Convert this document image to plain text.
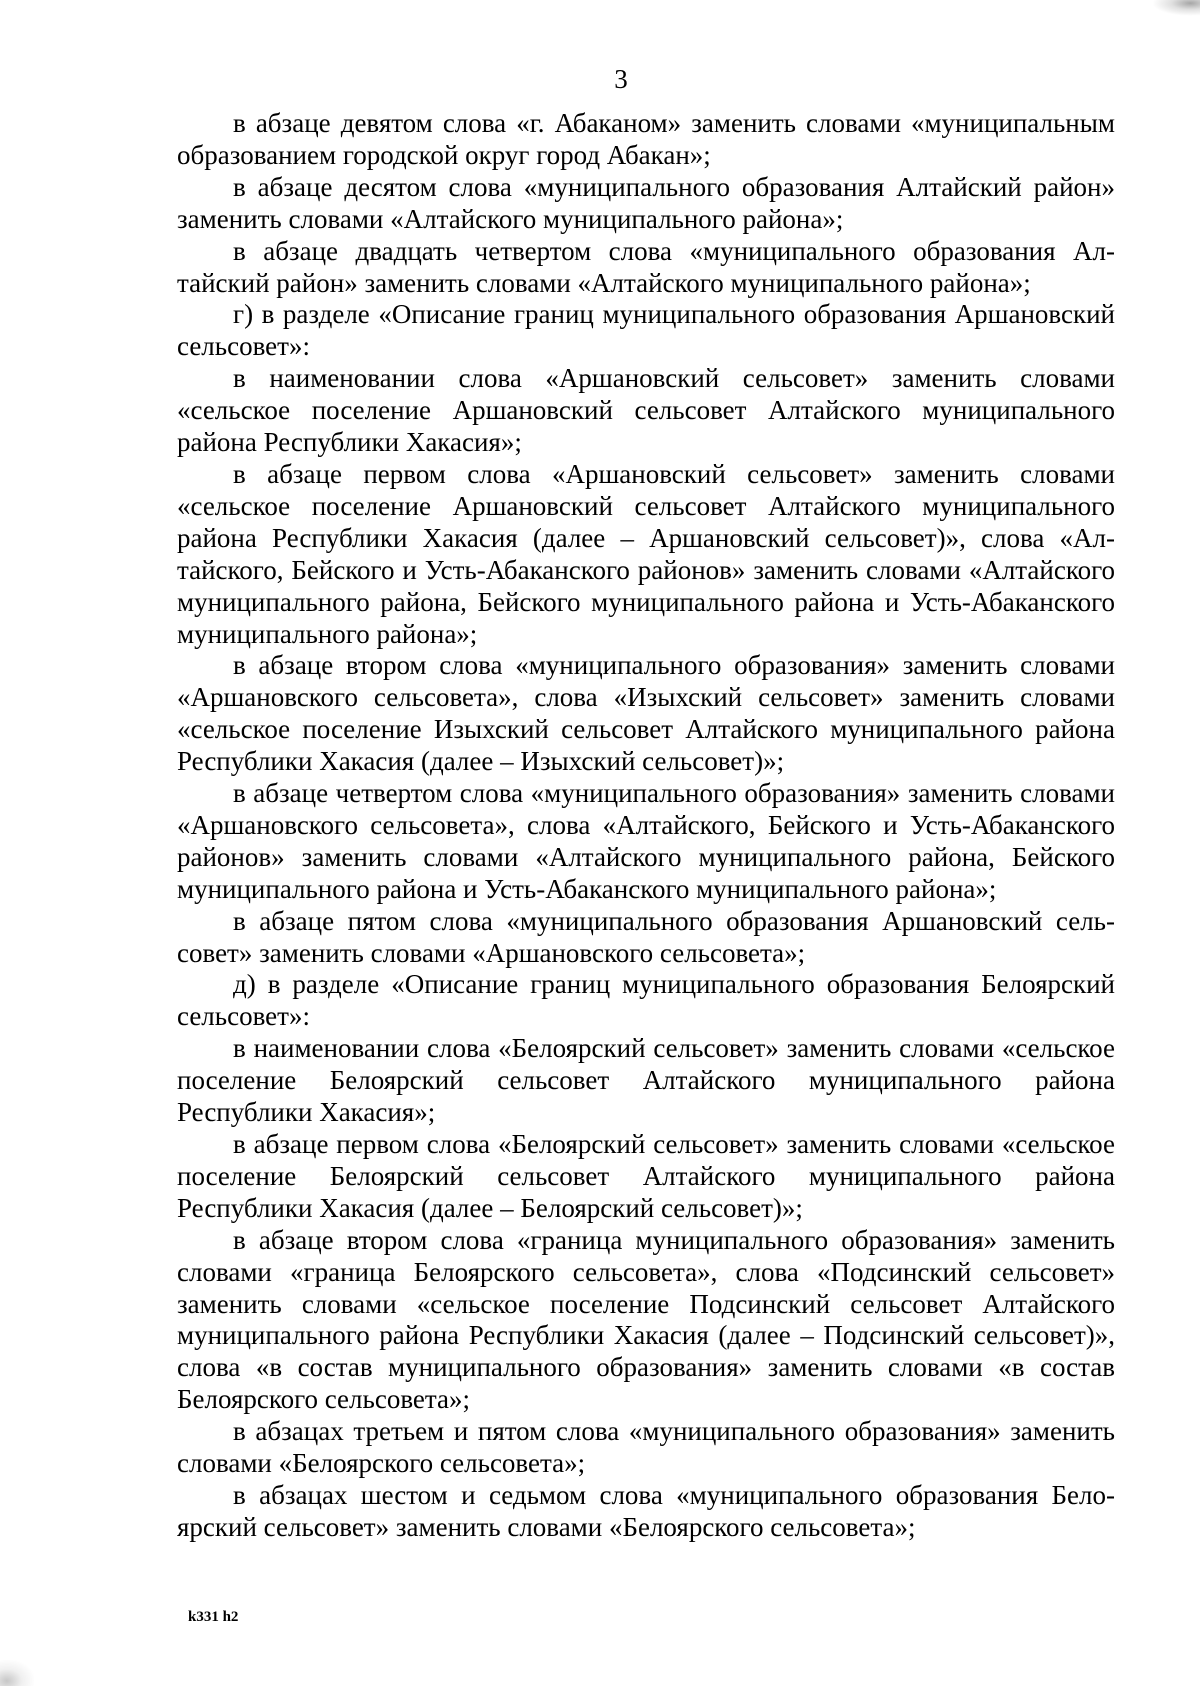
3

в абзаце девятом слова «г. Абаканом» заменить словами «муниципальным образованием городской округ город Абакан»;

в абзаце десятом слова «муниципального образования Алтайский район» заменить словами «Алтайского муниципального района»;

в абзаце двадцать четвертом слова «муниципального образования Алтайский район» заменить словами «Алтайского муниципального района»;

г) в разделе «Описание границ муниципального образования Аршановский сельсовет»:

в наименовании слова «Аршановский сельсовет» заменить словами «сельское поселение Аршановский сельсовет Алтайского муниципального района Республики Хакасия»;

в абзаце первом слова «Аршановский сельсовет» заменить словами «сельское поселение Аршановский сельсовет Алтайского муниципального района Республики Хакасия (далее – Аршановский сельсовет)», слова «Алтайского, Бейского и Усть-Абаканского районов» заменить словами «Алтайского муниципального района, Бейского муниципального района и Усть-Абаканского муниципального района»;

в абзаце втором слова «муниципального образования» заменить словами «Аршановского сельсовета», слова «Изыхский сельсовет» заменить словами «сельское поселение Изыхский сельсовет Алтайского муниципального района Республики Хакасия (далее – Изыхский сельсовет)»;

в абзаце четвертом слова «муниципального образования» заменить словами «Аршановского сельсовета», слова «Алтайского, Бейского и Усть-Абаканского районов» заменить словами «Алтайского муниципального района, Бейского муниципального района и Усть-Абаканского муниципального района»;

в абзаце пятом слова «муниципального образования Аршановский сельсовет» заменить словами «Аршановского сельсовета»;

д) в разделе «Описание границ муниципального образования Белоярский сельсовет»:

в наименовании слова «Белоярский сельсовет» заменить словами «сельское поселение Белоярский сельсовет Алтайского муниципального района Республики Хакасия»;

в абзаце первом слова «Белоярский сельсовет» заменить словами «сельское поселение Белоярский сельсовет Алтайского муниципального района Республики Хакасия (далее – Белоярский сельсовет)»;

в абзаце втором слова «граница муниципального образования» заменить словами «граница Белоярского сельсовета», слова «Подсинский сельсовет» заменить словами «сельское поселение Подсинский сельсовет Алтайского муниципального района Республики Хакасия (далее – Подсинский сельсовет)», слова «в состав муниципального образования» заменить словами «в состав Белоярского сельсовета»;

в абзацах третьем и пятом слова «муниципального образования» заменить словами «Белоярского сельсовета»;

в абзацах шестом и седьмом слова «муниципального образования Белоярский сельсовет» заменить словами «Белоярского сельсовета»;

k331 h2
